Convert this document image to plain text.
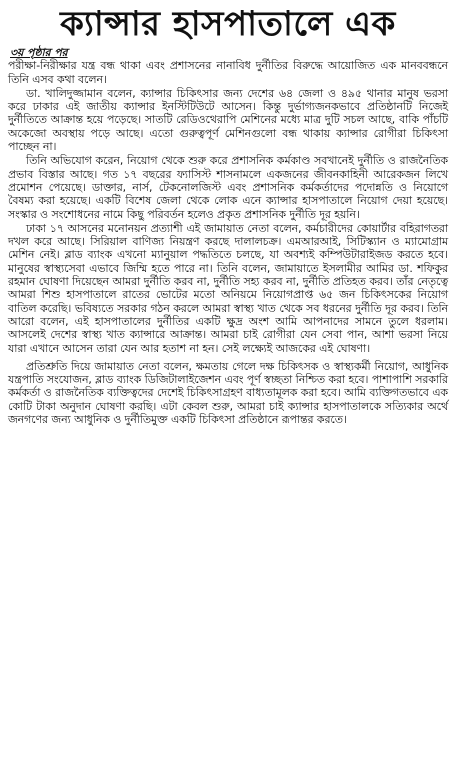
ক্যান্সার হাসপাতালে এক
৩য় পৃষ্ঠার পর

পরীক্ষা-নিরীক্ষার যন্ত্র বন্ধ থাকা এবং প্রশাসনের নানাবিধ দুর্নীতির বিরুদ্ধে আয়োজিত এক মানববন্ধনে তিনি এসব কথা বলেন।

ডা. খালিদুজ্জামান বলেন, ক্যান্সার চিকিৎসার জন্য দেশের ৬৪ জেলা ও ৪৯৫ থানার মানুষ ভরসা করে ঢাকার এই জাতীয় ক্যান্সার ইনস্টিটিউটে আসেন। কিন্তু দুর্ভাগ্যজনকভাবে প্রতিষ্ঠানটি নিজেই দুর্নীতিতে আক্রান্ত হয়ে পড়েছে। সাতটি রেডিওথেরাপি মেশিনের মধ্যে মাত্র দুটি সচল আছে, বাকি পাঁচটি অকেজো অবস্থায় পড়ে আছে। এতো গুরুত্বপূর্ণ মেশিনগুলো বন্ধ থাকায় ক্যান্সার রোগীরা চিকিৎসা পাচ্ছেন না।

তিনি অভিযোগ করেন, নিয়োগ থেকে শুরু করে প্রশাসনিক কর্মকাণ্ড সবখানেই দুর্নীতি ও রাজনৈতিক প্রভাব বিস্তার আছে। গত ১৭ বছরের ফ্যাসিস্ট শাসনামলে একজনের জীবনকাহিনী আরেকজন লিখে প্রমোশন পেয়েছে। ডাক্তার, নার্স, টেকনোলজিস্ট এবং প্রশাসনিক কর্মকর্তাদের পদোন্নতি ও নিয়োগে বৈষম্য করা হয়েছে। একটি বিশেষ জেলা থেকে লোক এনে ক্যান্সার হাসপাতালে নিয়োগ দেয়া হয়েছে। সংস্কার ও সংশোধনের নামে কিছু পরিবর্তন হলেও প্রকৃত প্রশাসনিক দুর্নীতি দূর হয়নি।

ঢাকা ১৭ আসনের মনোনয়ন প্রত্যাশী এই জামায়াত নেতা বলেন, কর্মচারীদের কোয়ার্টার বহিরাগতরা দখল করে আছে। সিরিয়াল বাণিজ্য নিয়ন্ত্রণ করছে দালালচক্র। এমআরআই, সিটিস্ক্যান ও ম্যামোগ্রাম মেশিন নেই। ব্লাড ব্যাংক এখনো ম্যানুয়াল পদ্ধতিতে চলছে, যা অবশ্যই কম্পিউটারাইজড করতে হবে। মানুষের স্বাস্থ্যসেবা এভাবে জিম্মি হতে পারে না। তিনি বলেন, জামায়াতে ইসলামীর আমির ডা. শফিকুর রহমান ঘোষণা দিয়েছেন আমরা দুর্নীতি করব না, দুর্নীতি সহ্য করব না, দুর্নীতি প্রতিহত করব। তাঁর নেতৃত্বে আমরা শিশু হাসপাতালে রাতের ভোটের মতো অনিয়মে নিয়োগপ্রাপ্ত ৬৫ জন চিকিৎসকের নিয়োগ বাতিল করেছি। ভবিষ্যতে সরকার গঠন করলে আমরা স্বাস্থ্য খাত থেকে সব ধরনের দুর্নীতি দূর করব। তিনি আরো বলেন, এই হাসপাতালের দুর্নীতির একটি ক্ষুদ্র অংশ আমি আপনাদের সামনে তুলে ধরলাম। আসলেই দেশের স্বাস্থ্য খাত ক্যান্সারে আক্রান্ত। আমরা চাই রোগীরা যেন সেবা পান, আশা ভরসা নিয়ে যারা এখানে আসেন তারা যেন আর হতাশ না হন। সেই লক্ষ্যেই আজকের এই ঘোষণা।

প্রতিশ্রুতি দিয়ে জামায়াত নেতা বলেন, ক্ষমতায় গেলে দক্ষ চিকিৎসক ও স্বাস্থ্যকর্মী নিয়োগ, আধুনিক যন্ত্রপাতি সংযোজন, ব্লাড ব্যাংক ডিজিটালাইজেশন এবং পূর্ণ স্বচ্ছতা নিশ্চিত করা হবে। পাশাপাশি সরকারি কর্মকর্তা ও রাজনৈতিক ব্যক্তিত্বদের দেশেই চিকিৎসাগ্রহণ বাধ্যতামূলক করা হবে। আমি ব্যক্তিগতভাবে এক কোটি টাকা অনুদান ঘোষণা করছি। এটা কেবল শুরু, আমরা চাই ক্যান্সার হাসপাতালকে সত্যিকার অর্থে জনগণের জন্য আধুনিক ও দুর্নীতিমুক্ত একটি চিকিৎসা প্রতিষ্ঠানে রূপান্তর করতে।
